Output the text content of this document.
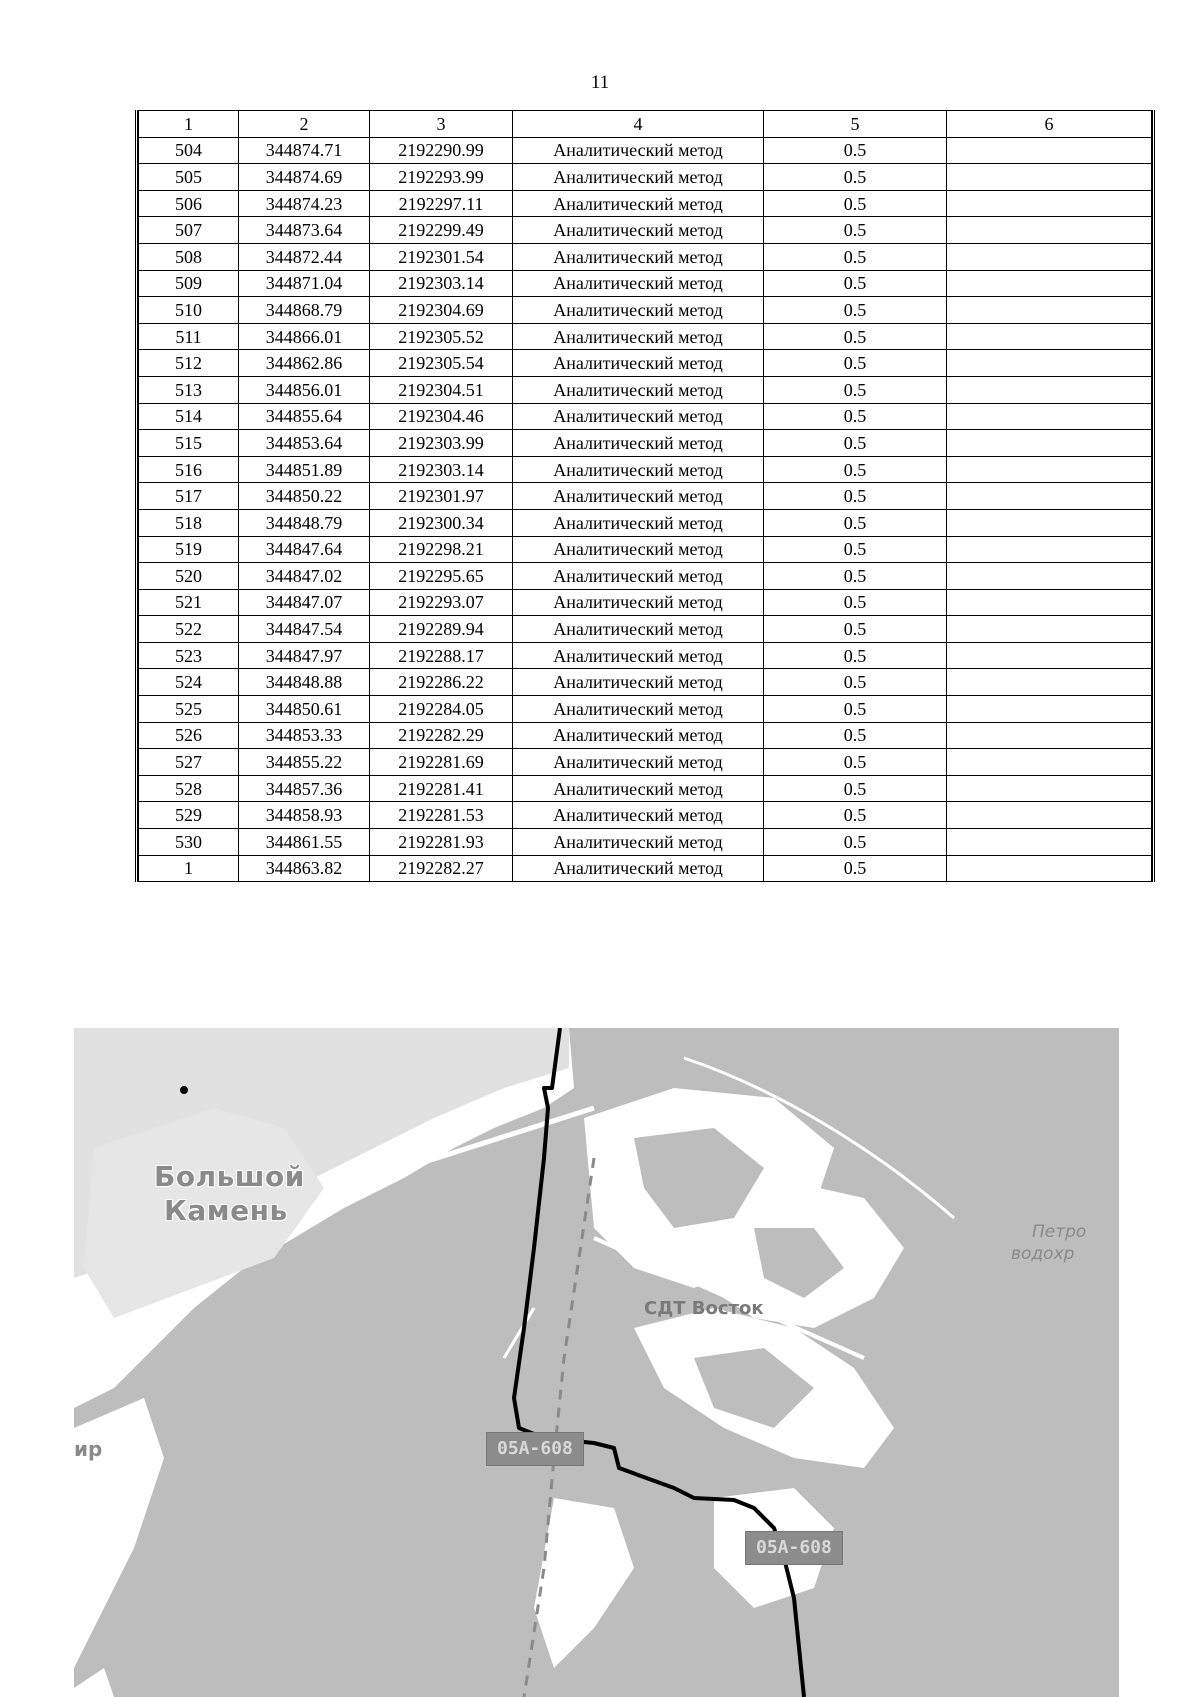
11
1	2	3	4	5	6
504	344874.71	2192290.99	Аналитический метод	0.5	
505	344874.69	2192293.99	Аналитический метод	0.5	
506	344874.23	2192297.11	Аналитический метод	0.5	
507	344873.64	2192299.49	Аналитический метод	0.5	
508	344872.44	2192301.54	Аналитический метод	0.5	
509	344871.04	2192303.14	Аналитический метод	0.5	
510	344868.79	2192304.69	Аналитический метод	0.5	
511	344866.01	2192305.52	Аналитический метод	0.5	
512	344862.86	2192305.54	Аналитический метод	0.5	
513	344856.01	2192304.51	Аналитический метод	0.5	
514	344855.64	2192304.46	Аналитический метод	0.5	
515	344853.64	2192303.99	Аналитический метод	0.5	
516	344851.89	2192303.14	Аналитический метод	0.5	
517	344850.22	2192301.97	Аналитический метод	0.5	
518	344848.79	2192300.34	Аналитический метод	0.5	
519	344847.64	2192298.21	Аналитический метод	0.5	
520	344847.02	2192295.65	Аналитический метод	0.5	
521	344847.07	2192293.07	Аналитический метод	0.5	
522	344847.54	2192289.94	Аналитический метод	0.5	
523	344847.97	2192288.17	Аналитический метод	0.5	
524	344848.88	2192286.22	Аналитический метод	0.5	
525	344850.61	2192284.05	Аналитический метод	0.5	
526	344853.33	2192282.29	Аналитический метод	0.5	
527	344855.22	2192281.69	Аналитический метод	0.5	
528	344857.36	2192281.41	Аналитический метод	0.5	
529	344858.93	2192281.53	Аналитический метод	0.5	
530	344861.55	2192281.93	Аналитический метод	0.5	
1	344863.82	2192282.27	Аналитический метод	0.5	
Большой
Камень
СДТ Восток
Петро
водохр
ир	05А-608
05А-608
